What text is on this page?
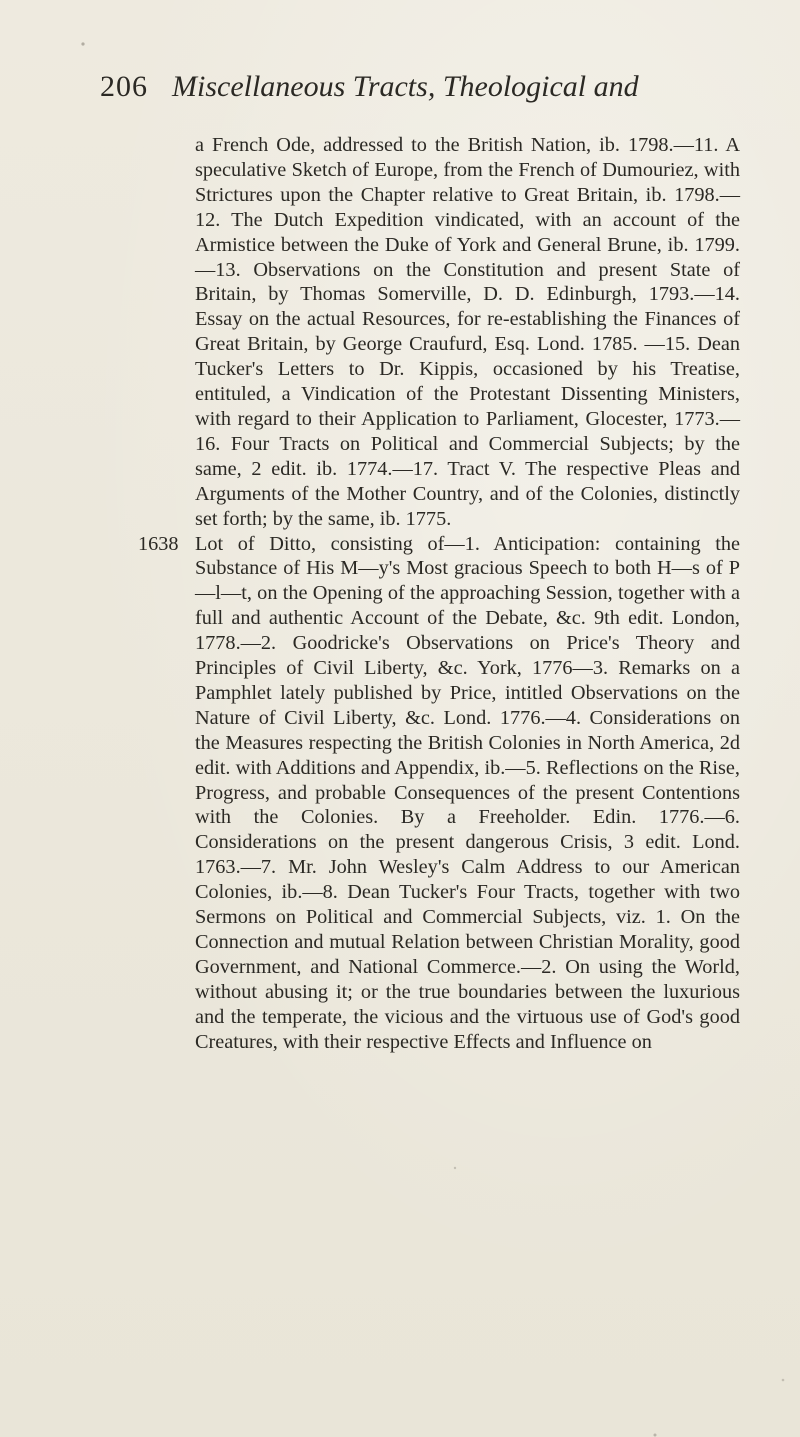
206 Miscellaneous Tracts, Theological and

a French Ode, addressed to the British Nation, ib. 1798.—11. A speculative Sketch of Europe, from the French of Dumouriez, with Strictures upon the Chapter relative to Great Britain, ib. 1798.—12. The Dutch Expedition vindicated, with an account of the Armistice between the Duke of York and General Brune, ib. 1799.—13. Observations on the Constitution and present State of Britain, by Thomas Somerville, D. D. Edinburgh, 1793.—14. Essay on the actual Resources, for re-establishing the Finances of Great Britain, by George Craufurd, Esq. Lond. 1785. —15. Dean Tucker's Letters to Dr. Kippis, occasioned by his Treatise, entituled, a Vindication of the Protestant Dissenting Ministers, with regard to their Application to Parliament, Glocester, 1773.—16. Four Tracts on Political and Commercial Subjects; by the same, 2 edit. ib. 1774.—17. Tract V. The respective Pleas and Arguments of the Mother Country, and of the Colonies, distinctly set forth; by the same, ib. 1775.

1638 Lot of Ditto, consisting of—1. Anticipation: containing the Substance of His M—y's Most gracious Speech to both H—s of P—l—t, on the Opening of the approaching Session, together with a full and authentic Account of the Debate, &c. 9th edit. London, 1778.—2. Goodricke's Observations on Price's Theory and Principles of Civil Liberty, &c. York, 1776—3. Remarks on a Pamphlet lately published by Price, intitled Observations on the Nature of Civil Liberty, &c. Lond. 1776.—4. Considerations on the Measures respecting the British Colonies in North America, 2d edit. with Additions and Appendix, ib.—5. Reflections on the Rise, Progress, and probable Consequences of the present Contentions with the Colonies. By a Freeholder. Edin. 1776.—6. Considerations on the present dangerous Crisis, 3 edit. Lond. 1763.—7. Mr. John Wesley's Calm Address to our American Colonies, ib.—8. Dean Tucker's Four Tracts, together with two Sermons on Political and Commercial Subjects, viz. 1. On the Connection and mutual Relation between Christian Morality, good Government, and National Commerce.—2. On using the World, without abusing it; or the true boundaries between the luxurious and the temperate, the vicious and the virtuous use of God's good Creatures, with their respective Effects and Influence on
